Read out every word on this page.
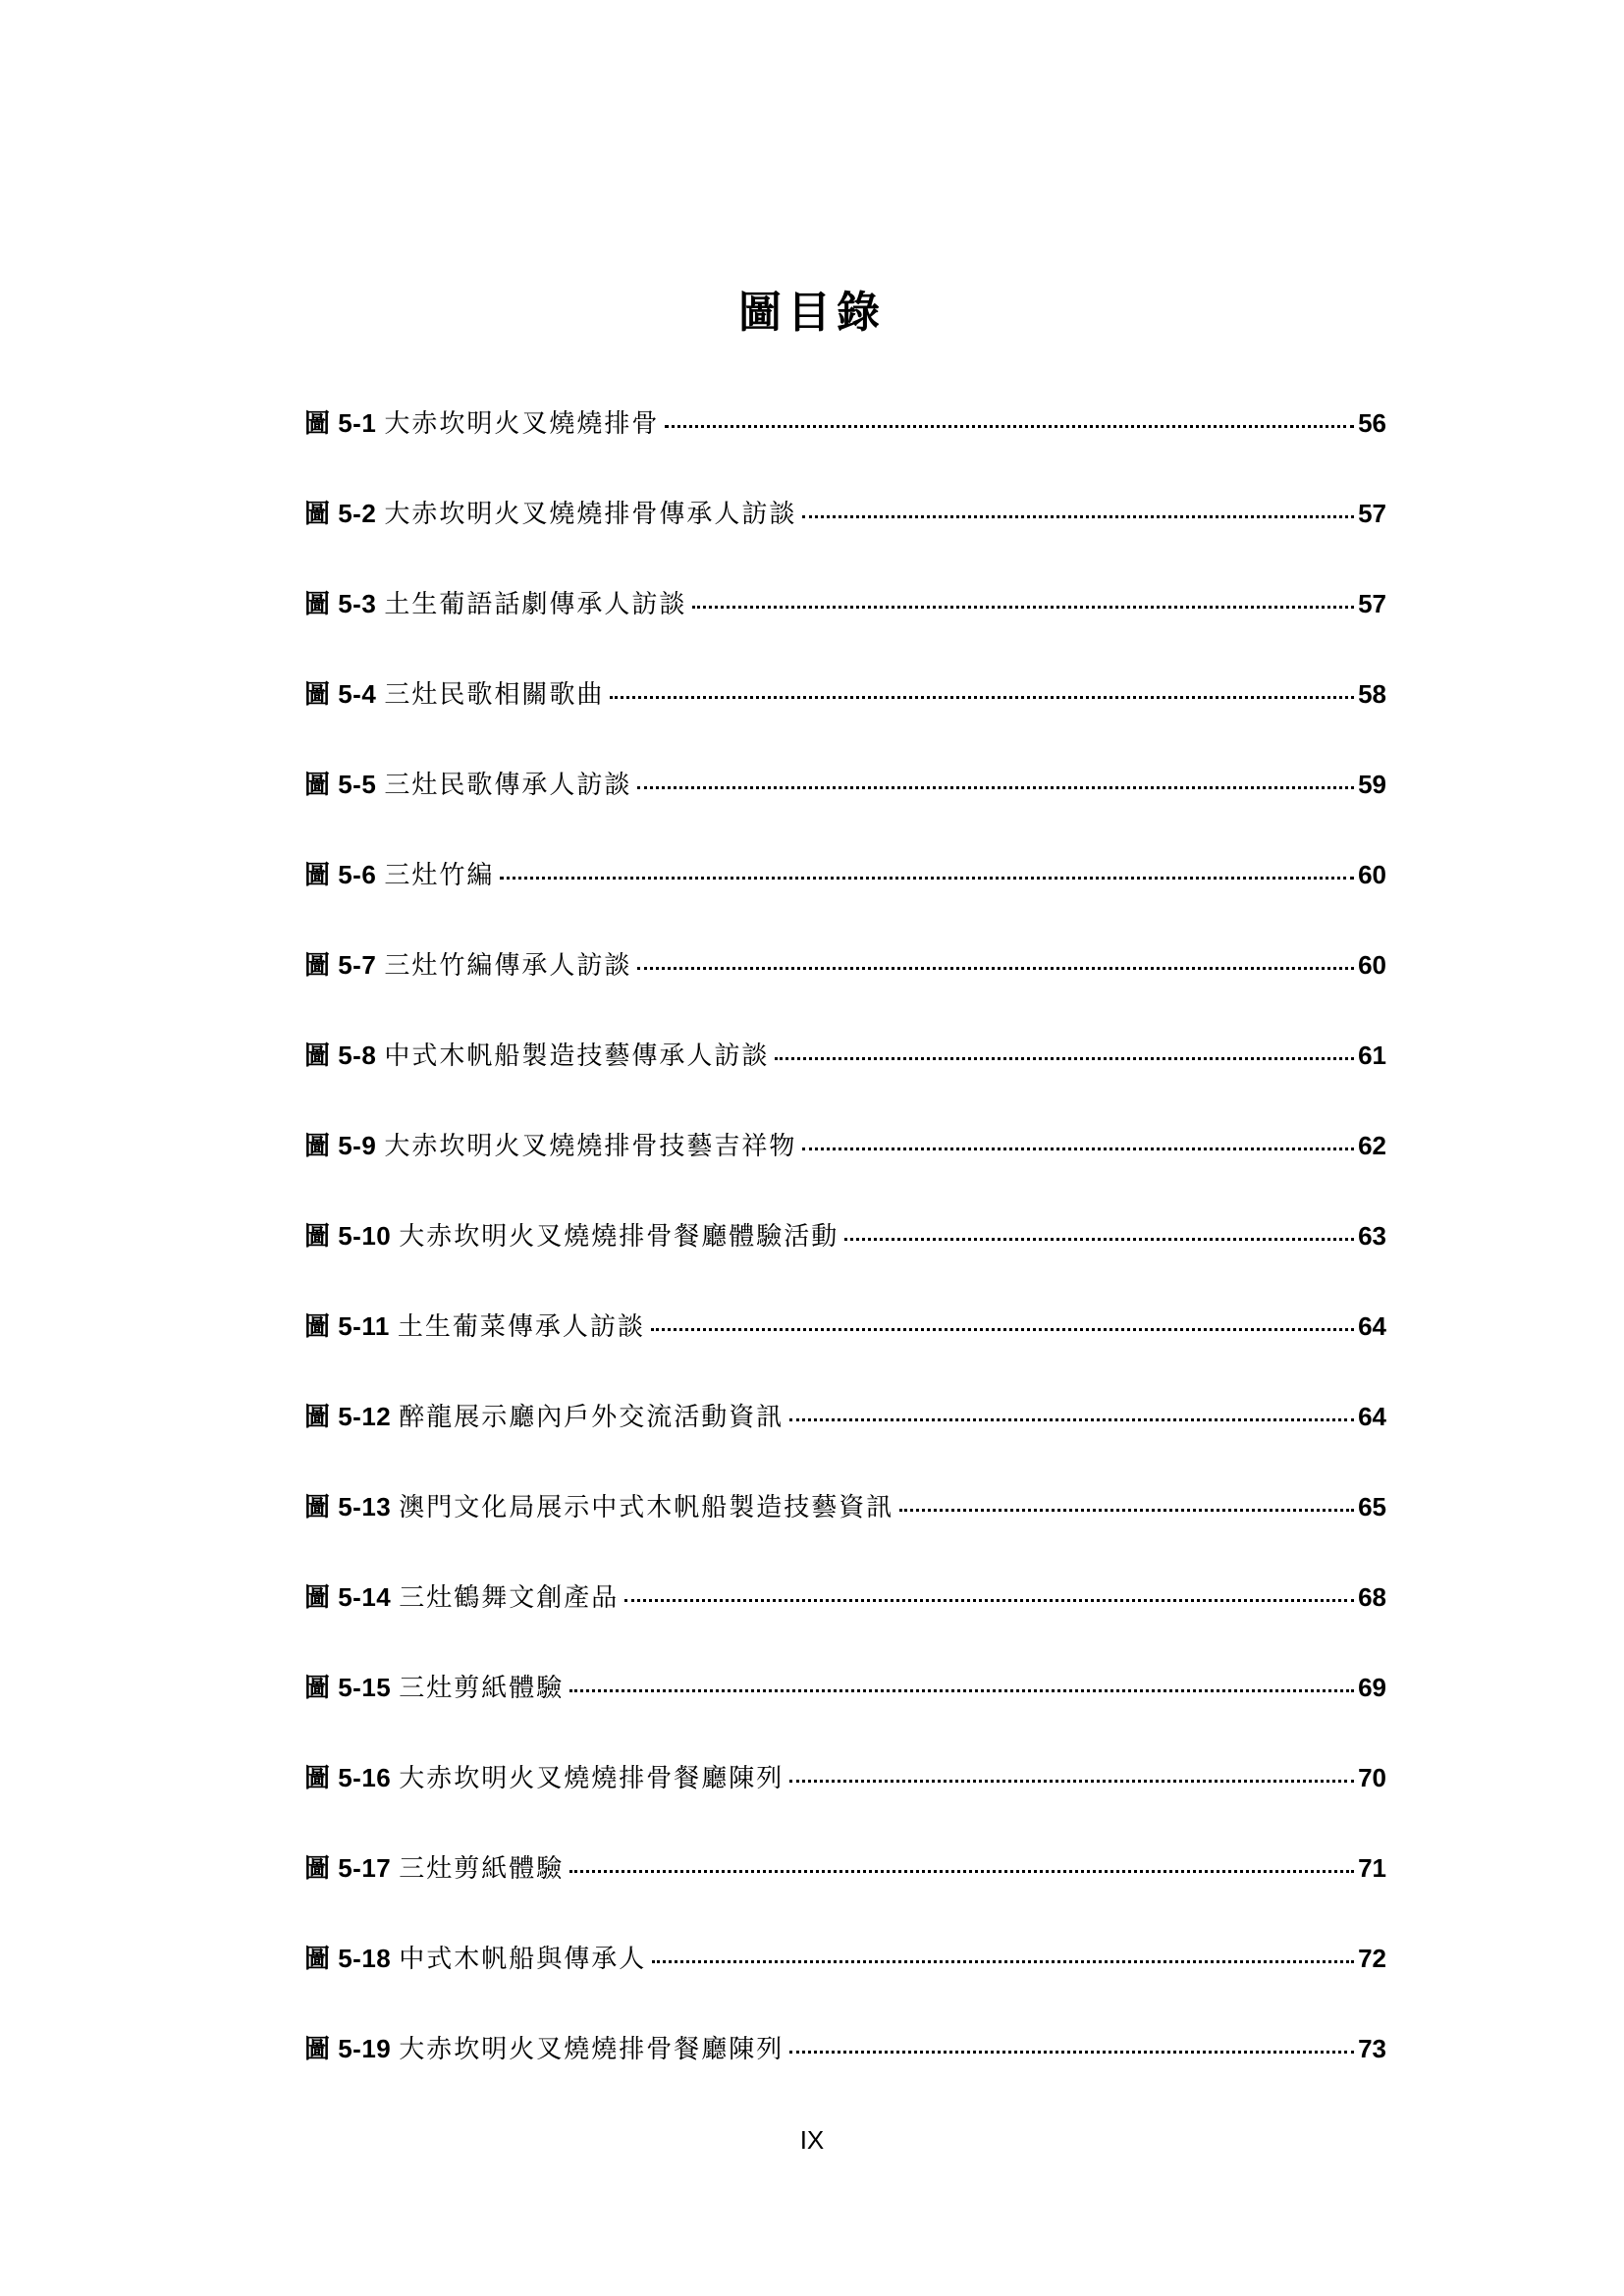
圖目錄
圖 5-1 大赤坎明火叉燒燒排骨	56
圖 5-2 大赤坎明火叉燒燒排骨傳承人訪談	57
圖 5-3 土生葡語話劇傳承人訪談	57
圖 5-4 三灶民歌相關歌曲	58
圖 5-5 三灶民歌傳承人訪談	59
圖 5-6 三灶竹編	60
圖 5-7 三灶竹編傳承人訪談	60
圖 5-8 中式木帆船製造技藝傳承人訪談	61
圖 5-9 大赤坎明火叉燒燒排骨技藝吉祥物	62
圖 5-10 大赤坎明火叉燒燒排骨餐廳體驗活動	63
圖 5-11 土生葡菜傳承人訪談	64
圖 5-12 醉龍展示廳內戶外交流活動資訊	64
圖 5-13 澳門文化局展示中式木帆船製造技藝資訊	65
圖 5-14 三灶鶴舞文創產品	68
圖 5-15 三灶剪紙體驗	69
圖 5-16 大赤坎明火叉燒燒排骨餐廳陳列	70
圖 5-17 三灶剪紙體驗	71
圖 5-18 中式木帆船與傳承人	72
圖 5-19 大赤坎明火叉燒燒排骨餐廳陳列	73
IX
